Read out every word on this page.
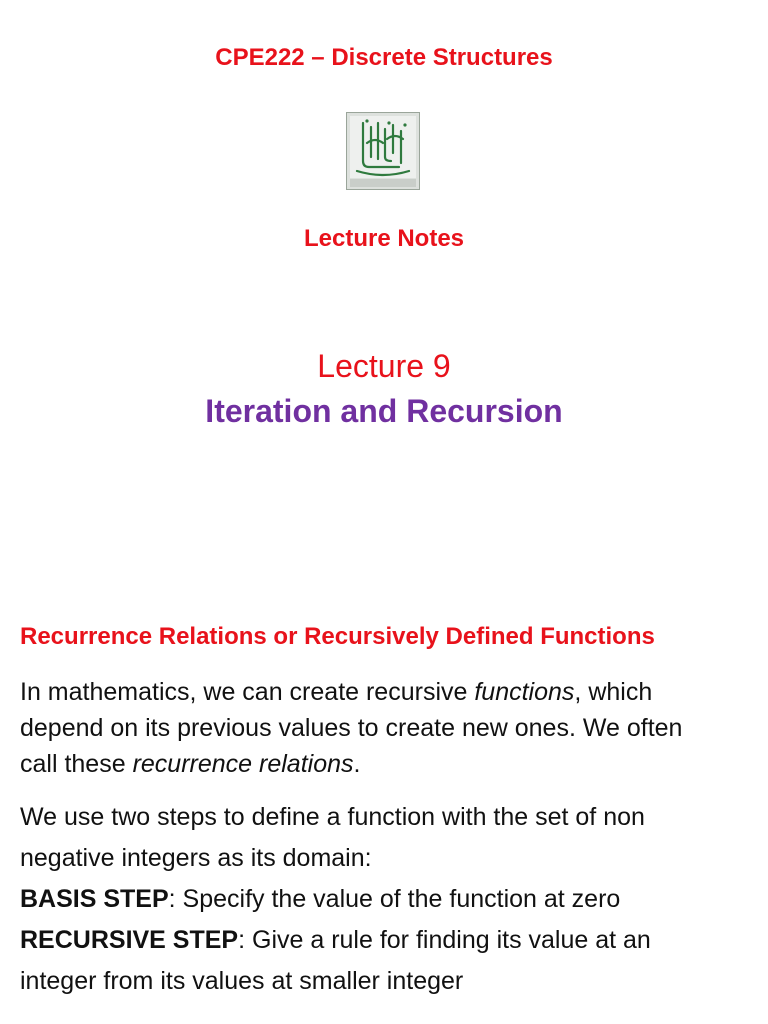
CPE222 – Discrete Structures
Lecture Notes
Lecture 9
Iteration and Recursion
Recurrence Relations or Recursively Defined Functions
In mathematics, we can create recursive functions, which
depend on its previous values to create new ones. We often
call these recurrence relations.
We use two steps to define a function with the set of non
negative integers as its domain:
BASIS STEP: Specify the value of the function at zero
RECURSIVE STEP: Give a rule for finding its value at an
integer from its values at smaller integer
